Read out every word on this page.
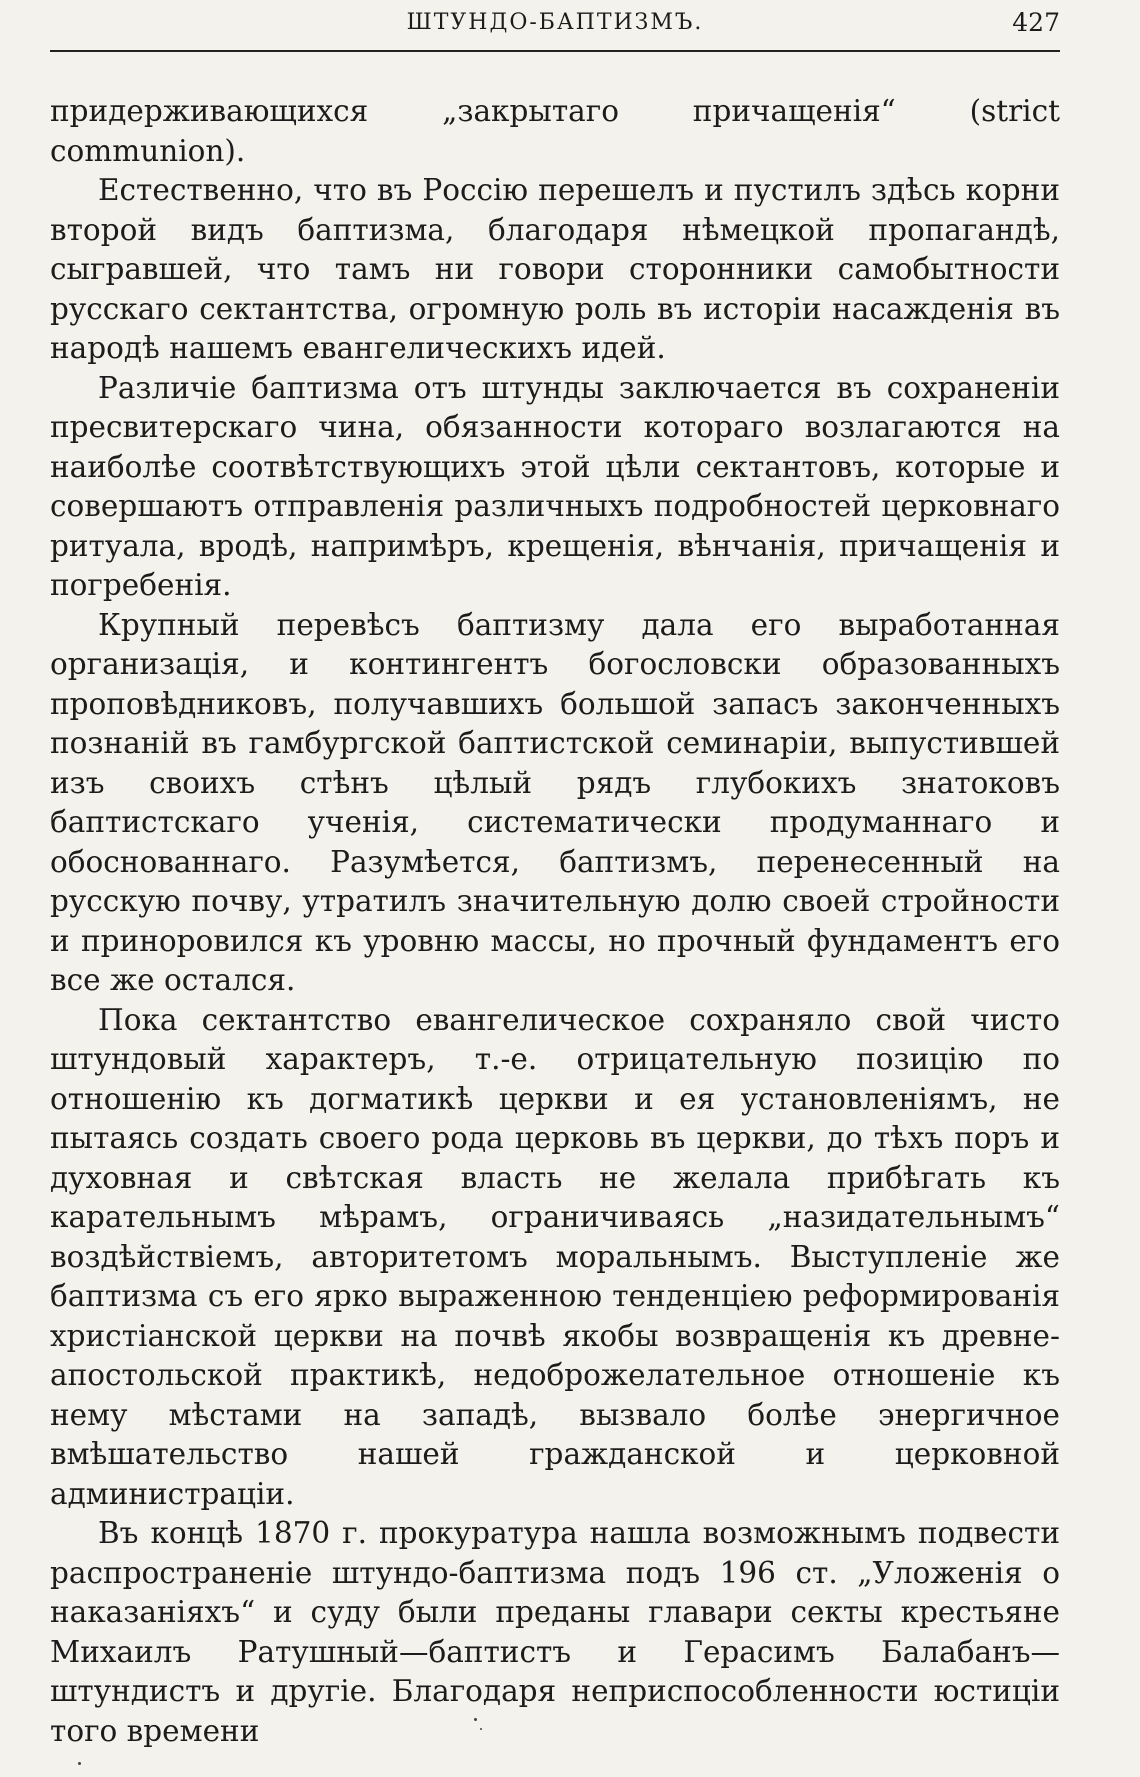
ШТУНДО-БАПТИЗМЪ.	427

придерживающихся „закрытаго причащенія“ (strict communion).

Естественно, что въ Россію перешелъ и пустилъ здѣсь корни второй видъ баптизма, благодаря нѣмецкой пропагандѣ, сыгравшей, что тамъ ни говори сторонники самобытности русскаго сектантства, огромную роль въ исторіи насажденія въ народѣ нашемъ евангелическихъ идей.

Различіе баптизма отъ штунды заключается въ сохраненіи пресвитерскаго чина, обязанности котораго возлагаются на наиболѣе соотвѣтствующихъ этой цѣли сектантовъ, которые и совершаютъ отправленія различныхъ подробностей церковнаго ритуала, вродѣ, напримѣръ, крещенія, вѣнчанія, причащенія и погребенія.

Крупный перевѣсъ баптизму дала его выработанная организація, и контингентъ богословски образованныхъ проповѣдниковъ, получавшихъ большой запасъ законченныхъ познаній въ гамбургской баптистской семинаріи, выпустившей изъ своихъ стѣнъ цѣлый рядъ глубокихъ знатоковъ баптистскаго ученія, систематически продуманнаго и обоснованнаго. Разумѣется, баптизмъ, перенесенный на русскую почву, утратилъ значительную долю своей стройности и приноровился къ уровню массы, но прочный фундаментъ его все же остался.

Пока сектантство евангелическое сохраняло свой чисто штундовый характеръ, т.-е. отрицательную позицію по отношенію къ догматикѣ церкви и ея установленіямъ, не пытаясь создать своего рода церковь въ церкви, до тѣхъ поръ и духовная и свѣтская власть не желала прибѣгать къ карательнымъ мѣрамъ, ограничиваясь „назидательнымъ“ воздѣйствіемъ, авторитетомъ моральнымъ. Выступленіе же баптизма съ его ярко выраженною тенденціею реформированія христіанской церкви на почвѣ якобы возвращенія къ древне-апостольской практикѣ, недоброжелательное отношеніе къ нему мѣстами на западѣ, вызвало болѣе энергичное вмѣшательство нашей гражданской и церковной администраціи.

Въ концѣ 1870 г. прокуратура нашла возможнымъ подвести распространеніе штундо-баптизма подъ 196 ст. „Уложенія о наказаніяхъ“ и суду были преданы главари секты крестьяне Михаилъ Ратушный—баптистъ и Герасимъ Балабанъ—штундистъ и другіе. Благодаря неприспособленности юстиціи того времени
